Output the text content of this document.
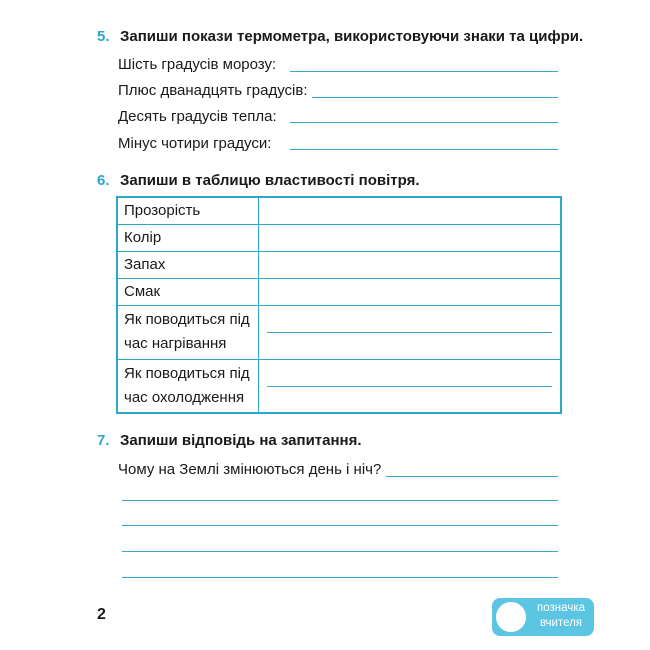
5. Запиши покази термометра, використовуючи знаки та цифри.
Шість градусів морозу:
Плюс дванадцять градусів:
Десять градусів тепла:
Мінус чотири градуси:
6. Запиши в таблицю властивості повітря.
Прозорість	
Колір	
Запах	
Смак	
Як поводиться під час нагрівання	

Як поводиться під час охолодження	
7. Запиши відповідь на запитання.
Чому на Землі змінюються день і ніч?
2	позначка вчителя
